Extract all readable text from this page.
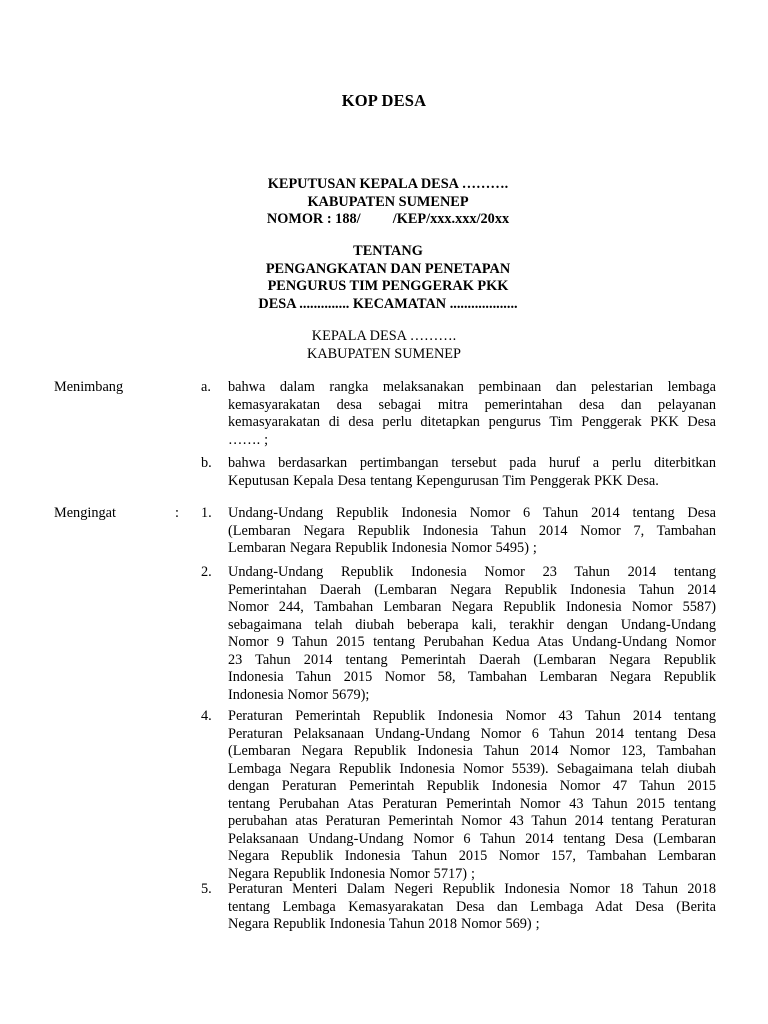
KOP DESA
KEPUTUSAN KEPALA DESA ……….
KABUPATEN SUMENEP
NOMOR : 188/         /KEP/xxx.xxx/20xx
TENTANG
PENGANGKATAN DAN PENETAPAN
PENGURUS TIM PENGGERAK PKK
DESA .............. KECAMATAN ...................
KEPALA DESA ……….
KABUPATEN SUMENEP
Menimbang	a. bahwa dalam rangka melaksanakan pembinaan dan pelestarian lembaga
kemasyarakatan desa sebagai mitra pemerintahan desa dan pelayanan
kemasyarakatan di desa perlu ditetapkan pengurus Tim Penggerak PKK Desa
……. ;
b. bahwa berdasarkan pertimbangan tersebut pada huruf a perlu diterbitkan
Keputusan Kepala Desa tentang Kepengurusan Tim Penggerak PKK Desa.
Mengingat	: 1. Undang-Undang Republik Indonesia Nomor 6 Tahun 2014 tentang Desa
(Lembaran Negara Republik Indonesia Tahun 2014 Nomor 7, Tambahan
Lembaran Negara Republik Indonesia Nomor 5495) ;
2. Undang-Undang Republik Indonesia Nomor 23 Tahun 2014 tentang
Pemerintahan Daerah (Lembaran Negara Republik Indonesia Tahun 2014
Nomor 244, Tambahan Lembaran Negara Republik Indonesia Nomor 5587)
sebagaimana telah diubah beberapa kali, terakhir dengan Undang-Undang
Nomor 9 Tahun 2015 tentang Perubahan Kedua Atas Undang-Undang Nomor
23 Tahun 2014 tentang Pemerintah Daerah (Lembaran Negara Republik
Indonesia Tahun 2015 Nomor 58, Tambahan Lembaran Negara Republik
Indonesia Nomor 5679);
4. Peraturan Pemerintah Republik Indonesia Nomor 43 Tahun 2014 tentang
Peraturan Pelaksanaan Undang-Undang Nomor 6 Tahun 2014 tentang Desa
(Lembaran Negara Republik Indonesia Tahun 2014 Nomor 123, Tambahan
Lembaga Negara Republik Indonesia Nomor 5539). Sebagaimana telah diubah
dengan Peraturan Pemerintah Republik Indonesia Nomor 47 Tahun 2015
tentang Perubahan Atas Peraturan Pemerintah Nomor 43 Tahun 2015 tentang
perubahan atas Peraturan Pemerintah Nomor 43 Tahun 2014 tentang Peraturan
Pelaksanaan Undang-Undang Nomor 6 Tahun 2014 tentang Desa (Lembaran
Negara Republik Indonesia Tahun 2015 Nomor 157, Tambahan Lembaran
Negara Republik Indonesia Nomor 5717) ;
5. Peraturan Menteri Dalam Negeri Republik Indonesia Nomor 18 Tahun 2018
tentang Lembaga Kemasyarakatan Desa dan Lembaga Adat Desa (Berita
Negara Republik Indonesia Tahun 2018 Nomor 569) ;
